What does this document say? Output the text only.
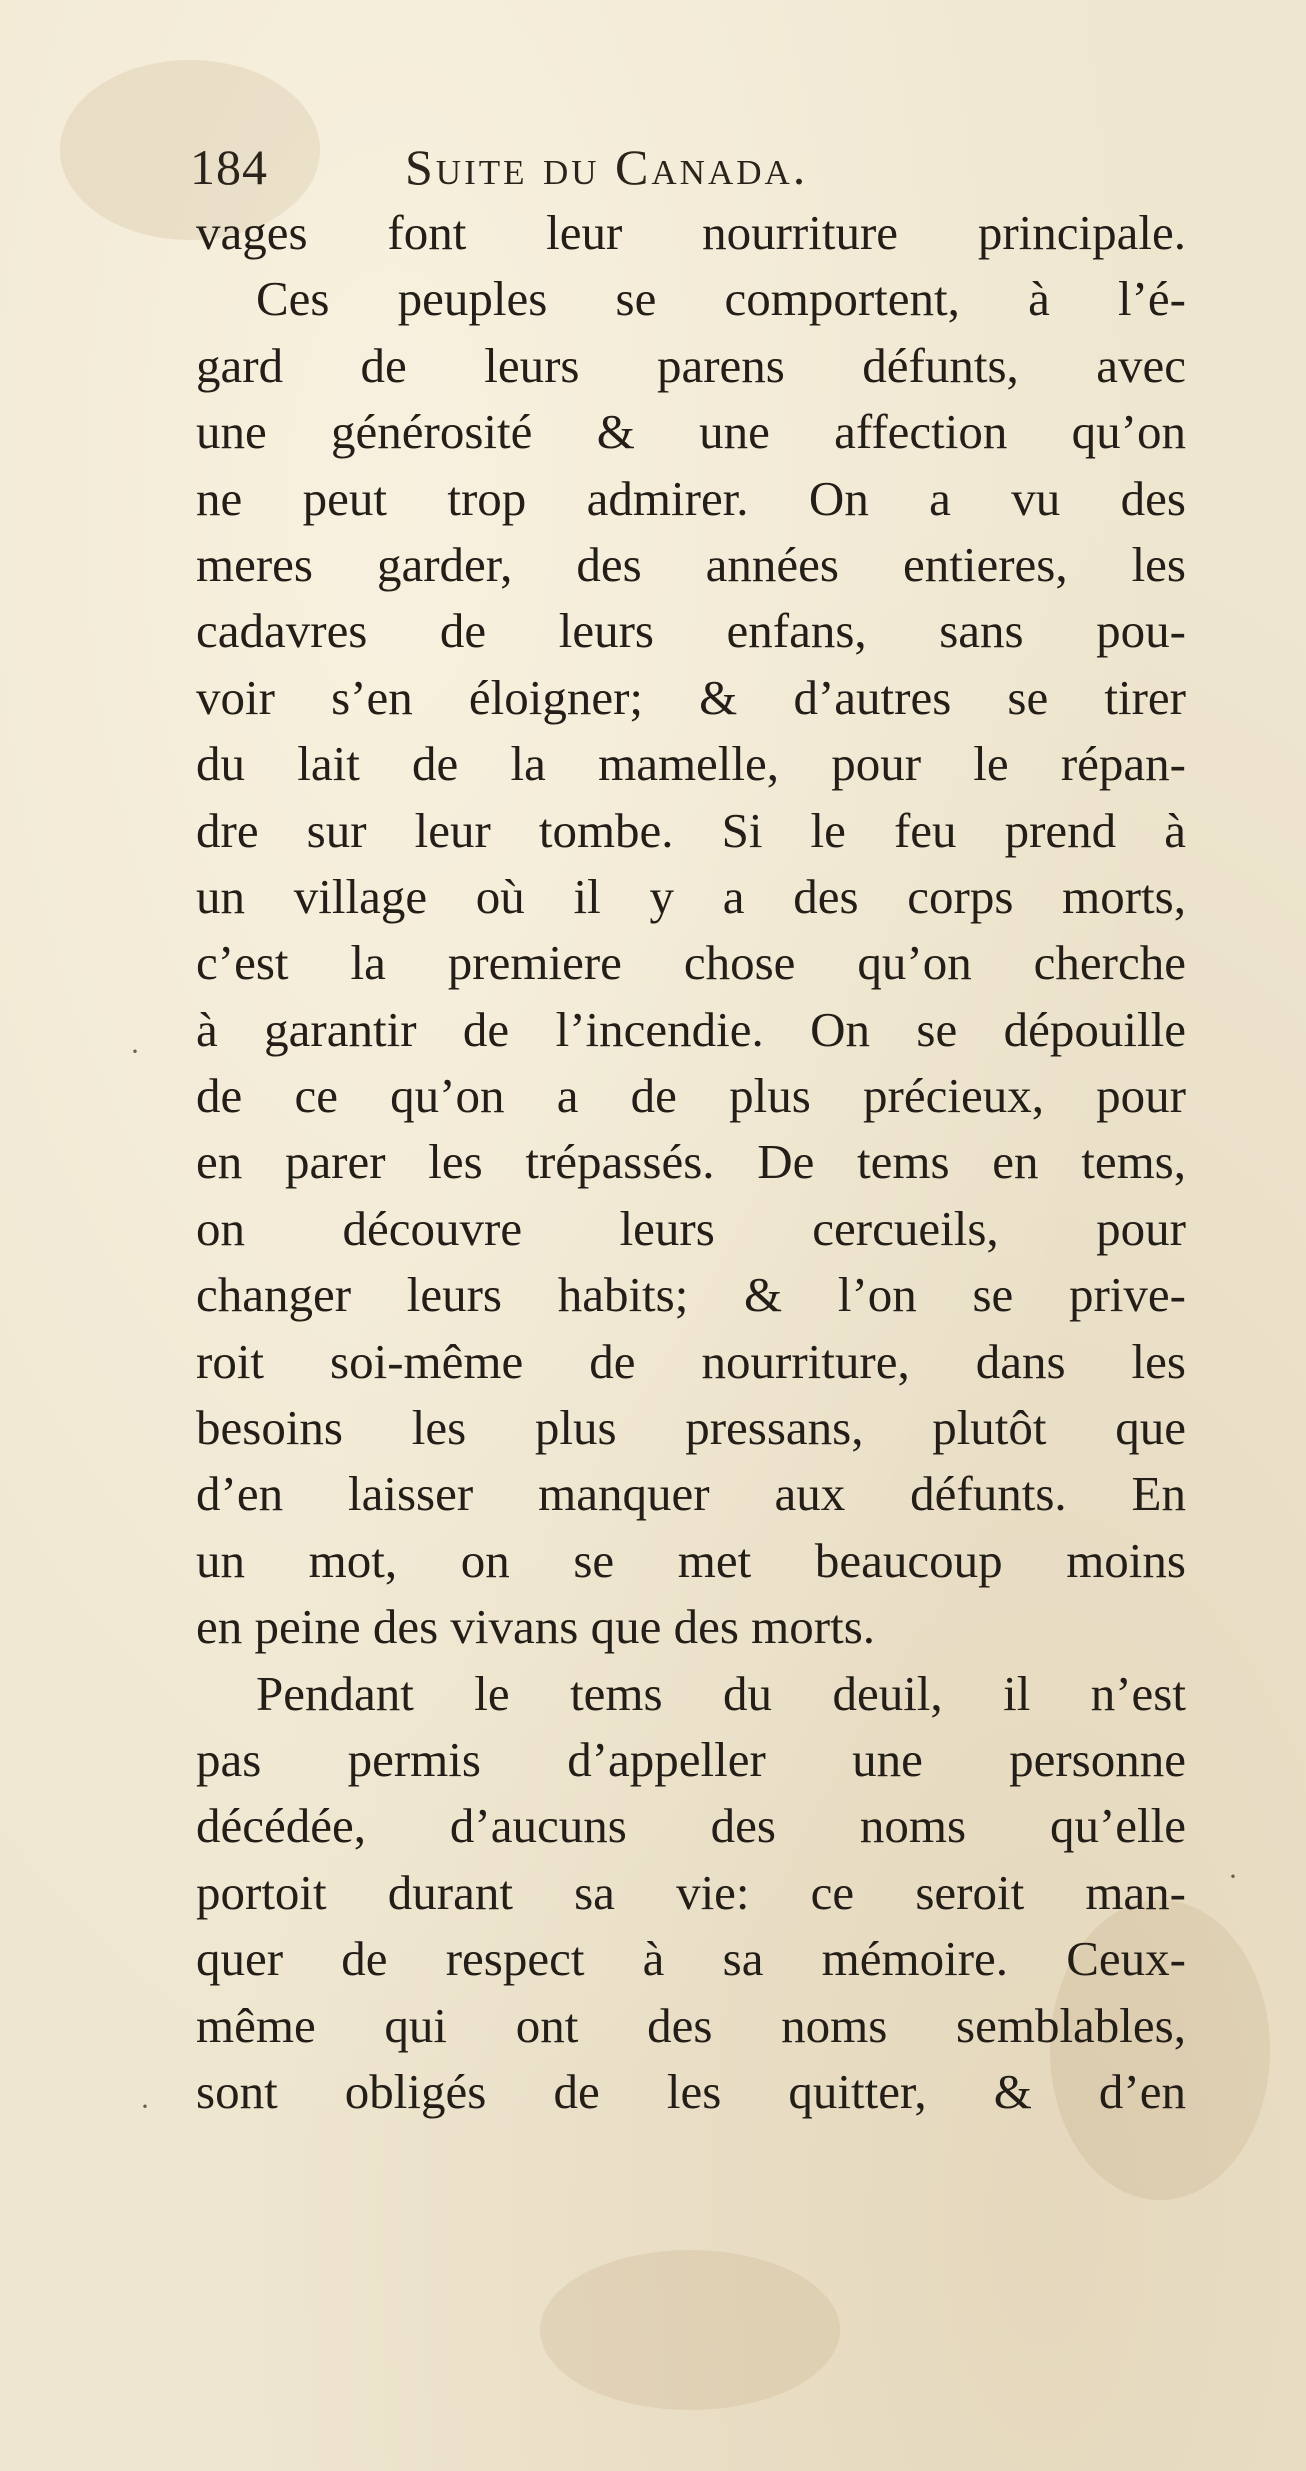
184	Suite du Canada.
vages font leur nourriture principale.
Ces peuples se comportent, à l’é-
gard de leurs parens défunts, avec
une générosité & une affection qu’on
ne peut trop admirer. On a vu des
meres garder, des années entieres, les
cadavres de leurs enfans, sans pou-
voir s’en éloigner; & d’autres se tirer
du lait de la mamelle, pour le répan-
dre sur leur tombe. Si le feu prend à
un village où il y a des corps morts,
c’est la premiere chose qu’on cherche
à garantir de l’incendie. On se dépouille
de ce qu’on a de plus précieux, pour
en parer les trépassés. De tems en tems,
on découvre leurs cercueils, pour
changer leurs habits; & l’on se prive-
roit soi-même de nourriture, dans les
besoins les plus pressans, plutôt que
d’en laisser manquer aux défunts. En
un mot, on se met beaucoup moins
en peine des vivans que des morts.
Pendant le tems du deuil, il n’est
pas permis d’appeller une personne
décédée, d’aucuns des noms qu’elle
portoit durant sa vie: ce seroit man-
quer de respect à sa mémoire. Ceux-
même qui ont des noms semblables,
sont obligés de les quitter, & d’en
·
·
·
